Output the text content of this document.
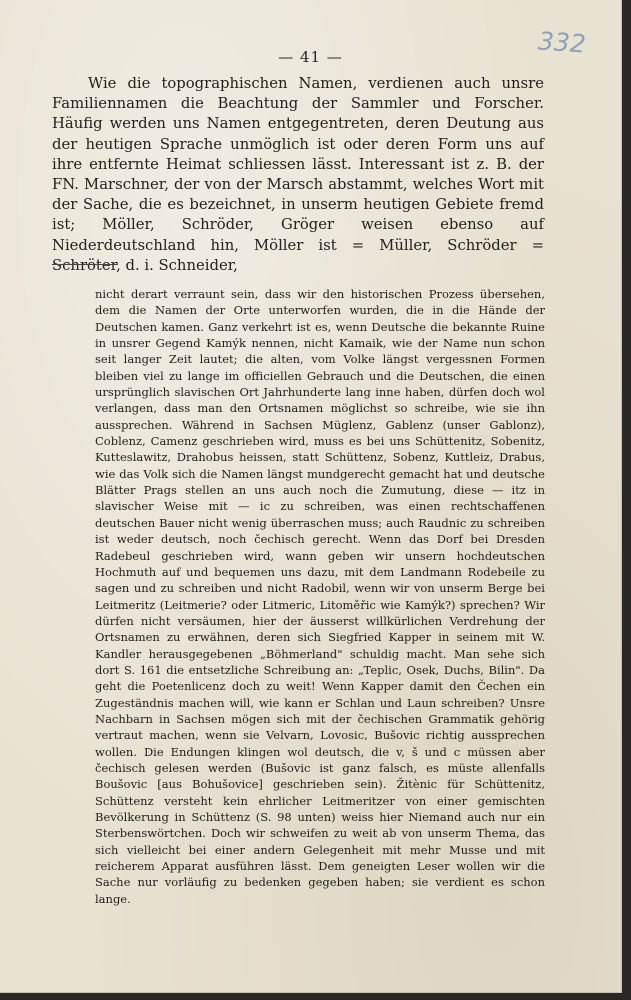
— 41 —	332

Wie die topographischen Namen, verdienen auch unsre Familiennamen die Beachtung der Sammler und Forscher. Häufig werden uns Namen entgegentreten, deren Deutung aus der heutigen Sprache unmöglich ist oder deren Form uns auf ihre entfernte Heimat schliessen lässt. Interessant ist z. B. der FN. Marschner, der von der Marsch abstammt, welches Wort mit der Sache, die es bezeichnet, in unserm heutigen Gebiete fremd ist; Möller, Schröder, Gröger weisen ebenso auf Niederdeutschland hin, Möller ist = Müller, Schröder = Schröter, d. i. Schneider,

nicht derart verraunt sein, dass wir den historischen Prozess übersehen, dem die Namen der Orte unterworfen wurden, die in die Hände der Deutschen kamen. Ganz verkehrt ist es, wenn Deutsche die bekannte Ruine in unsrer Gegend Kamýk nennen, nicht Kamaik, wie der Name nun schon seit langer Zeit lautet; die alten, vom Volke längst vergessnen Formen bleiben viel zu lange im officiellen Gebrauch und die Deutschen, die einen ursprünglich slavischen Ort Jahrhunderte lang inne haben, dürfen doch wol verlangen, dass man den Ortsnamen möglichst so schreibe, wie sie ihn aussprechen. Während in Sachsen Müglenz, Gablenz (unser Gablonz), Coblenz, Camenz geschrieben wird, muss es bei uns Schüttenitz, Sobenitz, Kutteslawitz, Drahobus heissen, statt Schüttenz, Sobenz, Kuttleiz, Drabus, wie das Volk sich die Namen längst mundgerecht gemacht hat und deutsche Blätter Prags stellen an uns auch noch die Zumutung, diese — itz in slavischer Weise mit — ic zu schreiben, was einen rechtschaffenen deutschen Bauer nicht wenig überraschen muss; auch Raudnic zu schreiben ist weder deutsch, noch čechisch gerecht. Wenn das Dorf bei Dresden Radebeul geschrieben wird, wann geben wir unsern hochdeutschen Hochmuth auf und bequemen uns dazu, mit dem Landmann Rodebeile zu sagen und zu schreiben und nicht Radobil, wenn wir von unserm Berge bei Leitmeritz (Leitmerie? oder Litmeric, Litoměřic wie Kamýk?) sprechen? Wir dürfen nicht versäumen, hier der äusserst willkürlichen Verdrehung der Ortsnamen zu erwähnen, deren sich Siegfried Kapper in seinem mit W. Kandler herausgegebenen „Böhmerland" schuldig macht. Man sehe sich dort S. 161 die entsetzliche Schreibung an: „Teplic, Osek, Duchs, Bilin". Da geht die Poetenlicenz doch zu weit! Wenn Kapper damit den Čechen ein Zugeständnis machen will, wie kann er Schlan und Laun schreiben? Unsre Nachbarn in Sachsen mögen sich mit der čechischen Grammatik gehörig vertraut machen, wenn sie Velvarn, Lovosic, Bušovic richtig aussprechen wollen. Die Endungen klingen wol deutsch, die v, š und c müssen aber čechisch gelesen werden (Bušovic ist ganz falsch, es müste allenfalls Boušovic [aus Bohušovice] geschrieben sein). Žitènic für Schüttenitz, Schüttenz versteht kein ehrlicher Leitmeritzer von einer gemischten Bevölkerung in Schüttenz (S. 98 unten) weiss hier Niemand auch nur ein Sterbenswörtchen. Doch wir schweifen zu weit ab von unserm Thema, das sich vielleicht bei einer andern Gelegenheit mit mehr Musse und mit reicherem Apparat ausführen lässt. Dem geneigten Leser wollen wir die Sache nur vorläufig zu bedenken gegeben haben; sie verdient es schon lange.
